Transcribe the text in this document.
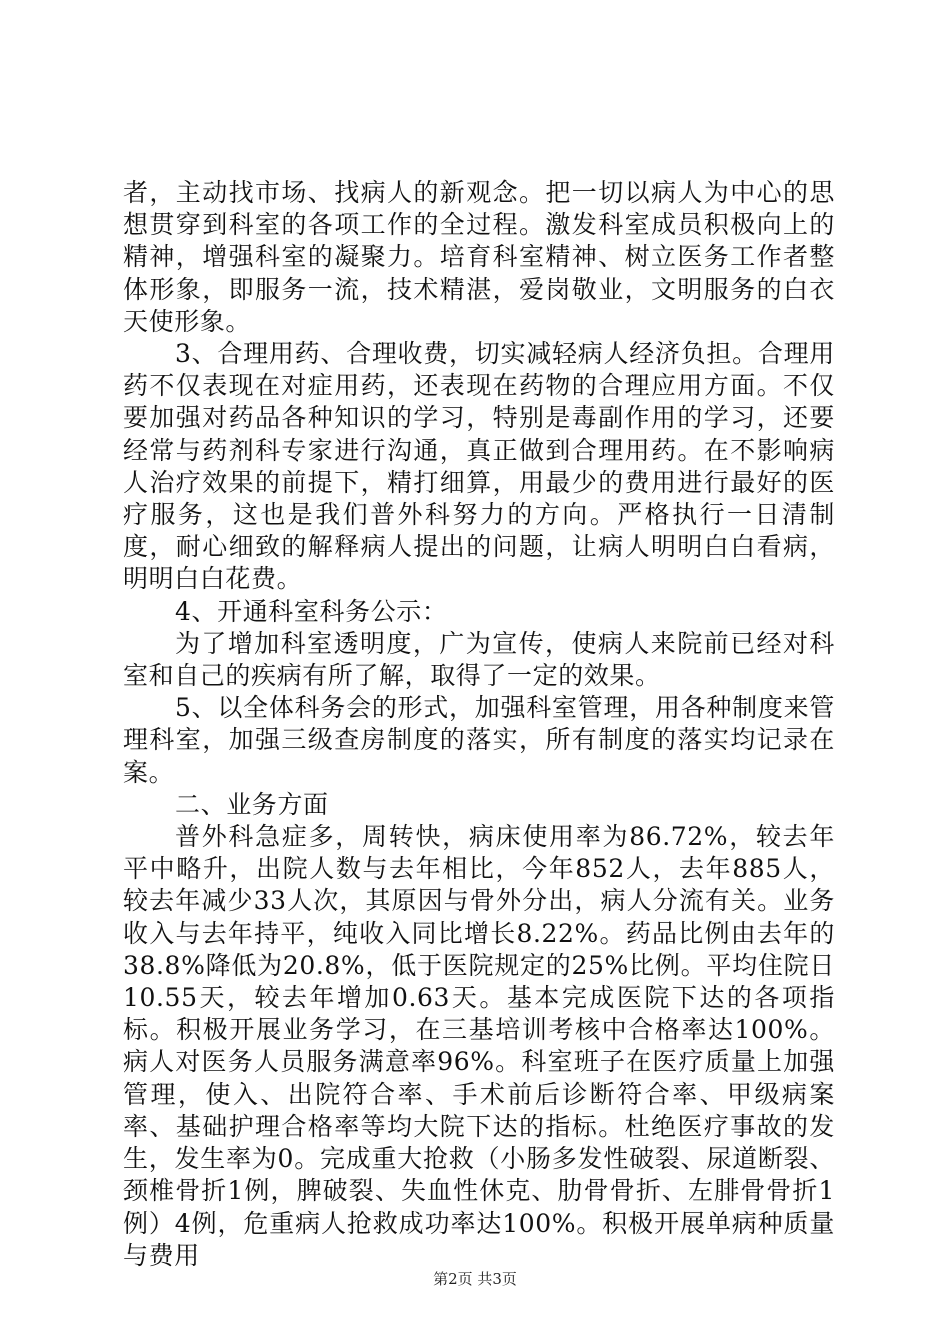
者，主动找市场、找病人的新观念。把一切以病人为中心的思想贯穿到科室的各项工作的全过程。激发科室成员积极向上的精神，增强科室的凝聚力。培育科室精神、树立医务工作者整体形象，即服务一流，技术精湛，爱岗敬业，文明服务的白衣天使形象。

3、合理用药、合理收费，切实减轻病人经济负担。合理用药不仅表现在对症用药，还表现在药物的合理应用方面。不仅要加强对药品各种知识的学习，特别是毒副作用的学习，还要经常与药剂科专家进行沟通，真正做到合理用药。在不影响病人治疗效果的前提下，精打细算，用最少的费用进行最好的医疗服务，这也是我们普外科努力的方向。严格执行一日清制度，耐心细致的解释病人提出的问题，让病人明明白白看病，明明白白花费。

4、开通科室科务公示：

为了增加科室透明度，广为宣传，使病人来院前已经对科室和自己的疾病有所了解，取得了一定的效果。

5、以全体科务会的形式，加强科室管理，用各种制度来管理科室，加强三级查房制度的落实，所有制度的落实均记录在案。

二、业务方面

普外科急症多，周转快，病床使用率为86.72%，较去年平中略升，出院人数与去年相比，今年852人，去年885人，较去年减少33人次，其原因与骨外分出，病人分流有关。业务收入与去年持平，纯收入同比增长8.22%。药品比例由去年的38.8%降低为20.8%，低于医院规定的25%比例。平均住院日10.55天，较去年增加0.63天。基本完成医院下达的各项指标。积极开展业务学习，在三基培训考核中合格率达100%。病人对医务人员服务满意率96%。科室班子在医疗质量上加强管理，使入、出院符合率、手术前后诊断符合率、甲级病案率、基础护理合格率等均大院下达的指标。杜绝医疗事故的发生，发生率为0。完成重大抢救（小肠多发性破裂、尿道断裂、颈椎骨折1例，脾破裂、失血性休克、肋骨骨折、左腓骨骨折1例）4例，危重病人抢救成功率达100%。积极开展单病种质量与费用

第2页 共3页
